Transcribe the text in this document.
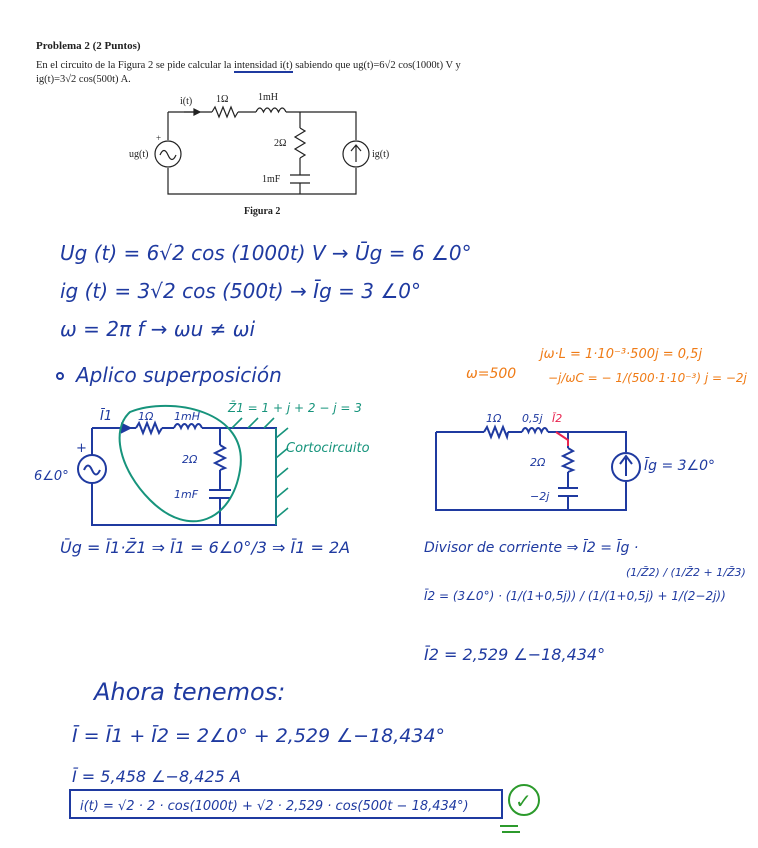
Problema 2 (2 Puntos)
En el circuito de la Figura 2 se pide calcular la intensidad i(t) sabiendo que ug(t)=6√2 cos(1000t) V y
ig(t)=3√2 cos(500t) A.
i(t) 1Ω	1mH
2Ω
1mF
ug(t)	ig(t)
+
Figura 2
Ug (t) = 6√2 cos (1000t) V → Ūg = 6 ∠0°
ig (t) = 3√2 cos (500t) → Īg = 3 ∠0°
ω = 2π f → ωu ≠ ωi
Aplico superposición
jω·L = 1·10⁻³·500j = 0,5j
ω=500	−j/ωC = − 1/(500·1·10⁻³) j = −2j
Z̄1 = 1 + j + 2 − j = 3
Cortocircuito
Ī1 1Ω 1mH
2Ω
1mF
6∠0°
+
Ūg = Ī1·Z̄1 ⇒ Ī1 = 6∠0°/3 ⇒ Ī1 = 2A
1Ω 0,5j Ī2
2Ω
−2j
Īg = 3∠0°
Divisor de corriente ⇒ Ī2 = Īg ·
(1/Z̄2) / (1/Z̄2 + 1/Z̄3)
Ī2 = (3∠0°) · (1/(1+0,5j)) / (1/(1+0,5j) + 1/(2−2j))
Ī2 = 2,529 ∠−18,434°
Ahora tenemos:
Ī = Ī1 + Ī2 = 2∠0° + 2,529 ∠−18,434°
Ī = 5,458 ∠−8,425 A
i(t) = √2 · 2 · cos(1000t) + √2 · 2,529 · cos(500t − 18,434°) ✓
